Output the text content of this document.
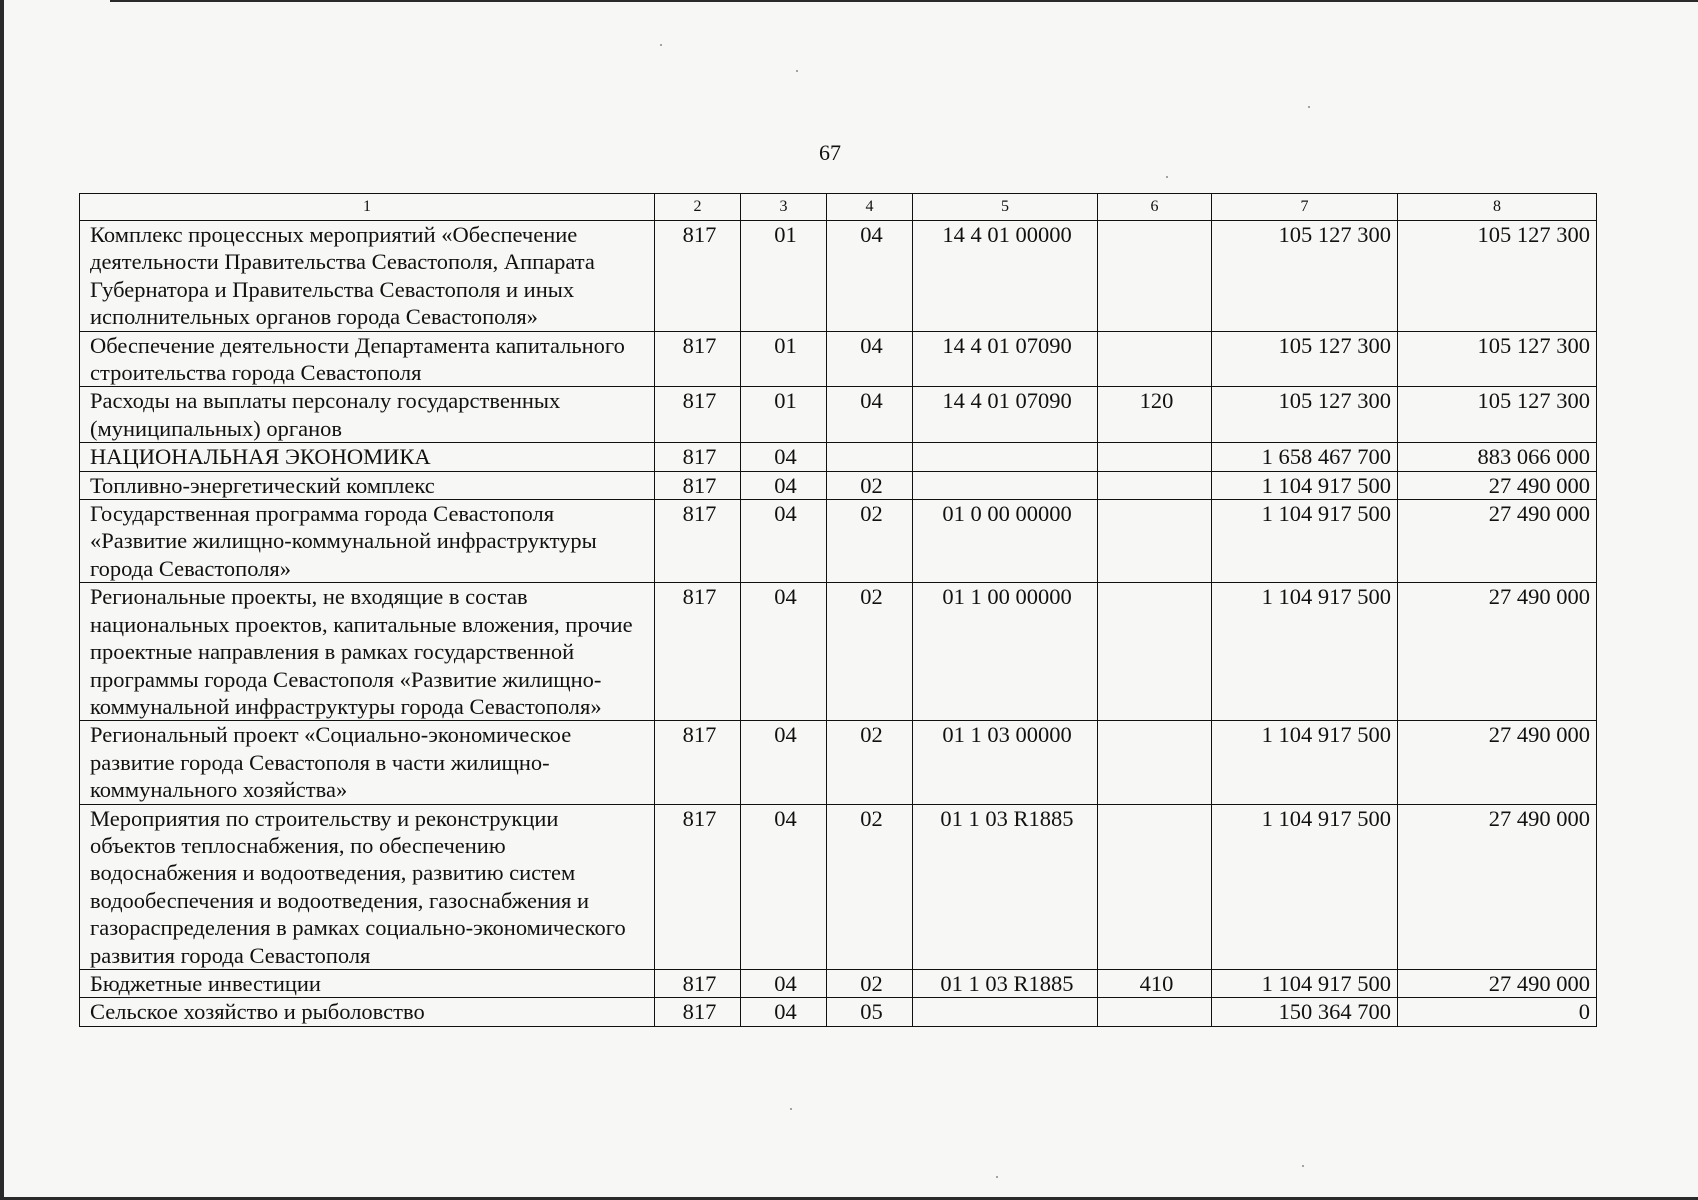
67
1	2	3	4	5	6	7	8
Комплекс процессных мероприятий «Обеспечение деятельности Правительства Севастополя, Аппарата Губернатора и Правительства Севастополя и иных исполнительных органов города Севастополя»	817	01	04	14 4 01 00000		105 127 300	105 127 300
Обеспечение деятельности Департамента капитального строительства города Севастополя	817	01	04	14 4 01 07090		105 127 300	105 127 300
Расходы на выплаты персоналу государственных (муниципальных) органов	817	01	04	14 4 01 07090	120	105 127 300	105 127 300
НАЦИОНАЛЬНАЯ ЭКОНОМИКА	817	04				1 658 467 700	883 066 000
Топливно-энергетический комплекс	817	04	02			1 104 917 500	27 490 000
Государственная программа города Севастополя «Развитие жилищно-коммунальной инфраструктуры города Севастополя»	817	04	02	01 0 00 00000		1 104 917 500	27 490 000
Региональные проекты, не входящие в состав национальных проектов, капитальные вложения, прочие проектные направления в рамках государственной программы города Севастополя «Развитие жилищно-коммунальной инфраструктуры города Севастополя»	817	04	02	01 1 00 00000		1 104 917 500	27 490 000
Региональный проект «Социально-экономическое развитие города Севастополя в части жилищно-коммунального хозяйства»	817	04	02	01 1 03 00000		1 104 917 500	27 490 000
Мероприятия по строительству и реконструкции объектов теплоснабжения, по обеспечению водоснабжения и водоотведения, развитию систем водообеспечения и водоотведения, газоснабжения и газораспределения в рамках социально-экономического развития города Севастополя	817	04	02	01 1 03 R1885		1 104 917 500	27 490 000
Бюджетные инвестиции	817	04	02	01 1 03 R1885	410	1 104 917 500	27 490 000
Сельское хозяйство и рыболовство	817	04	05			150 364 700	0
